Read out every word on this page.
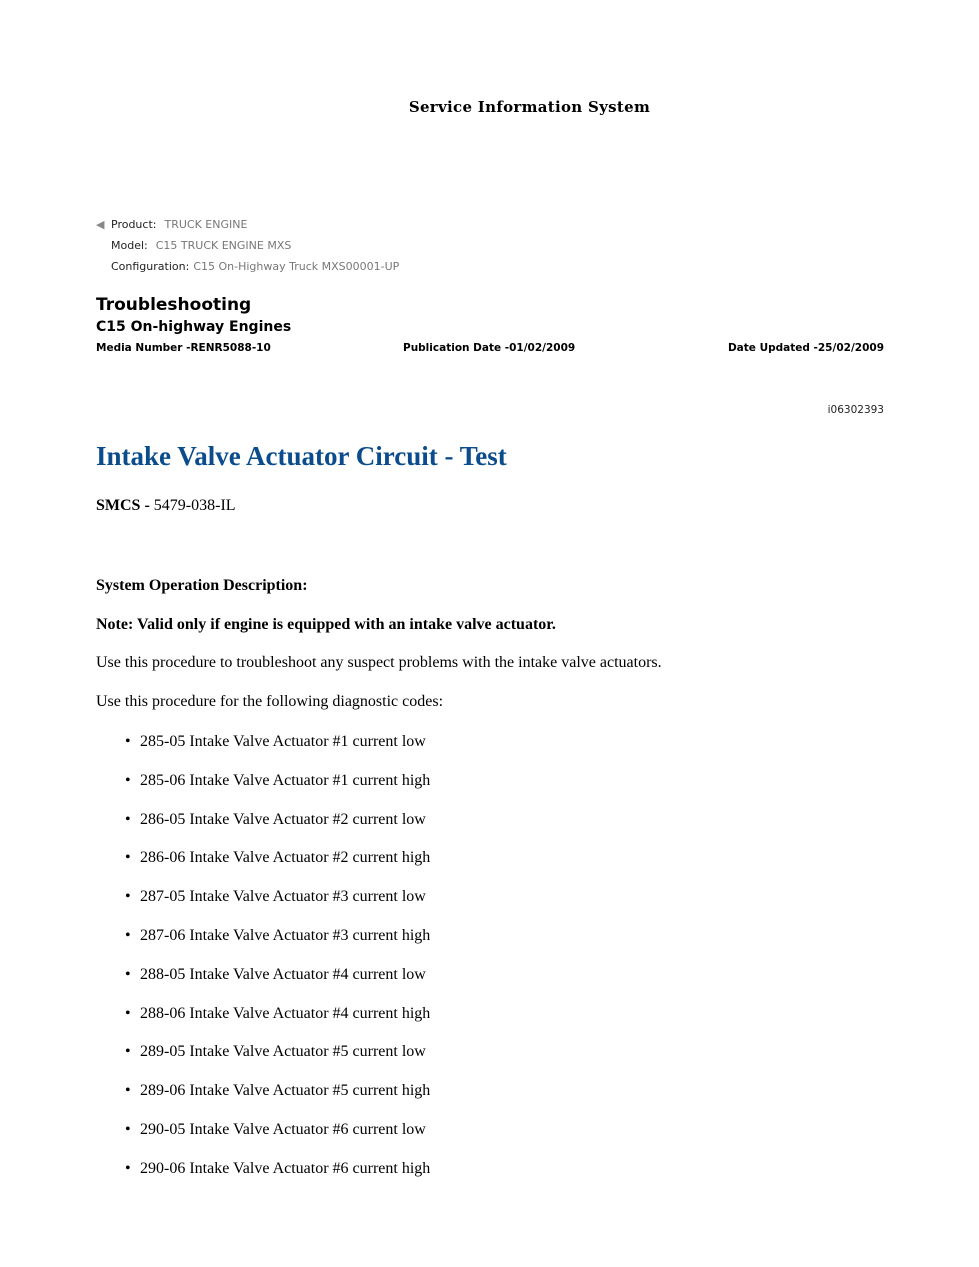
Service Information System
◀ Product: TRUCK ENGINE
Model: C15 TRUCK ENGINE MXS
Configuration: C15 On-Highway Truck MXS00001-UP
Troubleshooting
C15 On-highway Engines
Media Number -RENR5088-10	Publication Date -01/02/2009	Date Updated -25/02/2009
i06302393
Intake Valve Actuator Circuit - Test
SMCS - 5479-038-IL
System Operation Description:
Note: Valid only if engine is equipped with an intake valve actuator.
Use this procedure to troubleshoot any suspect problems with the intake valve actuators.
Use this procedure for the following diagnostic codes:
• 285-05 Intake Valve Actuator #1 current low
• 285-06 Intake Valve Actuator #1 current high
• 286-05 Intake Valve Actuator #2 current low
• 286-06 Intake Valve Actuator #2 current high
• 287-05 Intake Valve Actuator #3 current low
• 287-06 Intake Valve Actuator #3 current high
• 288-05 Intake Valve Actuator #4 current low
• 288-06 Intake Valve Actuator #4 current high
• 289-05 Intake Valve Actuator #5 current low
• 289-06 Intake Valve Actuator #5 current high
• 290-05 Intake Valve Actuator #6 current low
• 290-06 Intake Valve Actuator #6 current high
